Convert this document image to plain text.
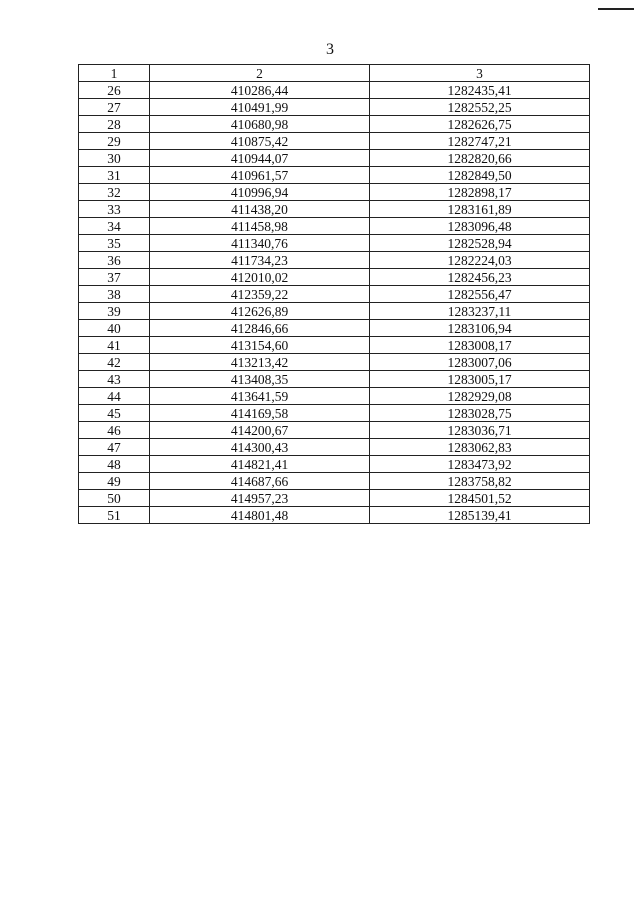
3
1	2	3
26	410286,44	1282435,41
27	410491,99	1282552,25
28	410680,98	1282626,75
29	410875,42	1282747,21
30	410944,07	1282820,66
31	410961,57	1282849,50
32	410996,94	1282898,17
33	411438,20	1283161,89
34	411458,98	1283096,48
35	411340,76	1282528,94
36	411734,23	1282224,03
37	412010,02	1282456,23
38	412359,22	1282556,47
39	412626,89	1283237,11
40	412846,66	1283106,94
41	413154,60	1283008,17
42	413213,42	1283007,06
43	413408,35	1283005,17
44	413641,59	1282929,08
45	414169,58	1283028,75
46	414200,67	1283036,71
47	414300,43	1283062,83
48	414821,41	1283473,92
49	414687,66	1283758,82
50	414957,23	1284501,52
51	414801,48	1285139,41
